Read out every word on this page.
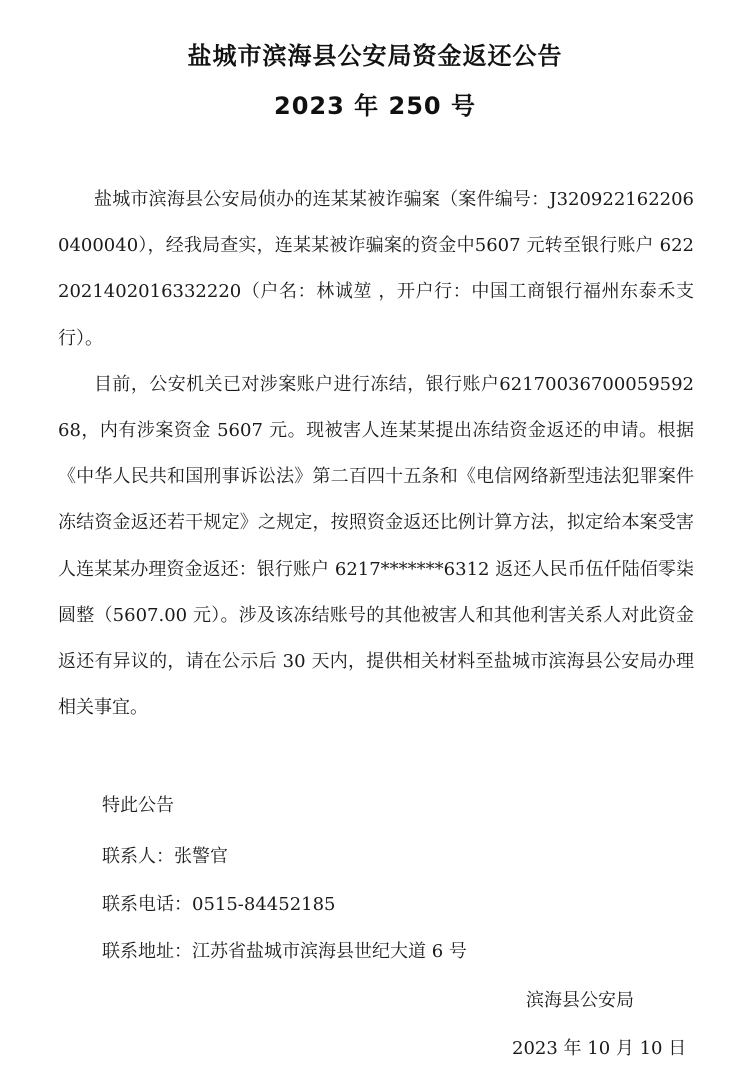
盐城市滨海县公安局资金返还公告
2023 年 250 号

盐城市滨海县公安局侦办的连某某被诈骗案（案件编号：J3209221622060400040），经我局查实，连某某被诈骗案的资金中5607 元转至银行账户 6222021402016332220（户名：林诚堃 ，开户行：中国工商银行福州东泰禾支行）。

目前，公安机关已对涉案账户进行冻结，银行账户6217003670005959268，内有涉案资金 5607 元。现被害人连某某提出冻结资金返还的申请。根据《中华人民共和国刑事诉讼法》第二百四十五条和《电信网络新型违法犯罪案件冻结资金返还若干规定》之规定，按照资金返还比例计算方法，拟定给本案受害人连某某办理资金返还：银行账户 6217*******6312 返还人民币伍仟陆佰零柒圆整（5607.00 元）。涉及该冻结账号的其他被害人和其他利害关系人对此资金返还有异议的，请在公示后 30 天内，提供相关材料至盐城市滨海县公安局办理相关事宜。

特此公告
联系人：张警官
联系电话：0515-84452185
联系地址：江苏省盐城市滨海县世纪大道 6 号
滨海县公安局
2023 年 10 月 10 日
